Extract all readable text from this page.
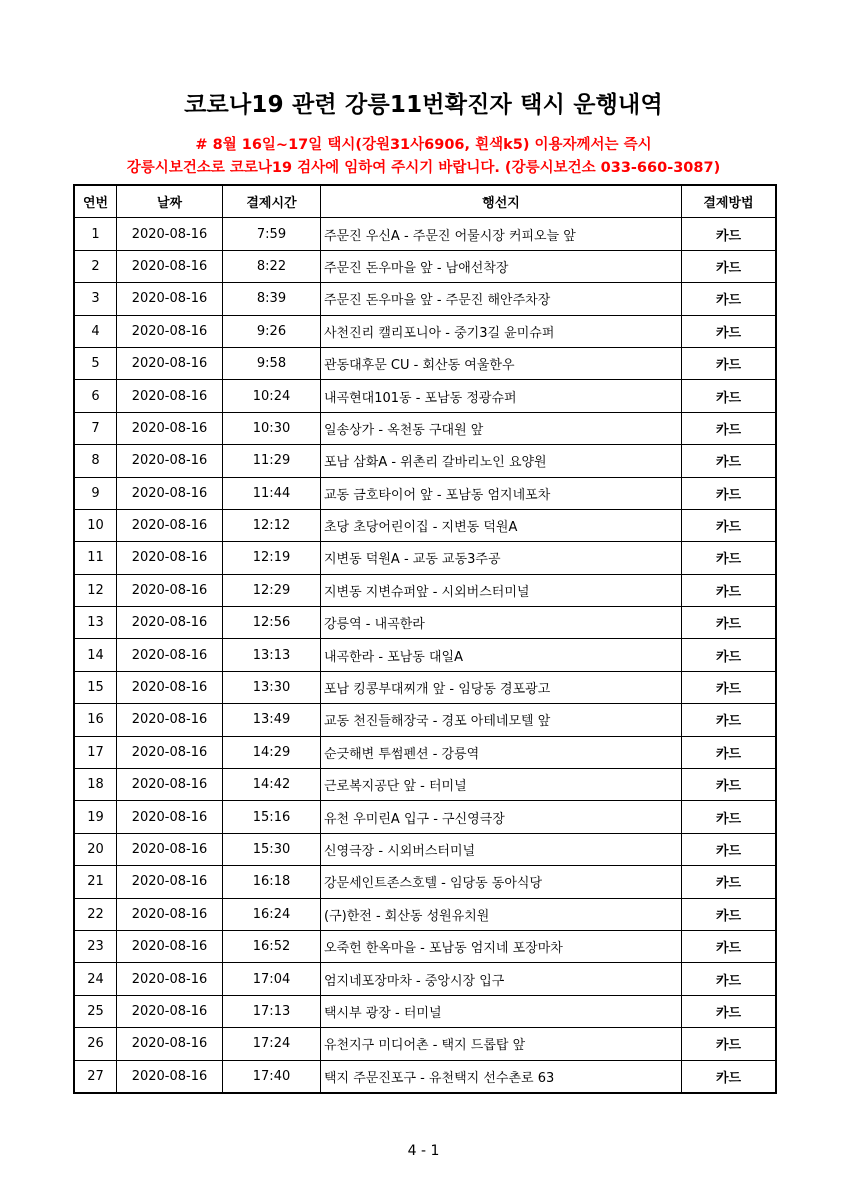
코로나19 관련 강릉11번확진자 택시 운행내역
# 8월 16일~17일 택시(강원31사6906, 흰색k5) 이용자께서는 즉시
강릉시보건소로 코로나19 검사에 임하여 주시기 바랍니다. (강릉시보건소 033-660-3087)
연번	날짜	결제시간	행선지	결제방법
1	2020-08-16	7:59	주문진 우신A - 주문진 어물시장 커피오늘 앞	카드
2	2020-08-16	8:22	주문진 돈우마을 앞 - 남애선착장	카드
3	2020-08-16	8:39	주문진 돈우마을 앞 - 주문진 해안주차장	카드
4	2020-08-16	9:26	사천진리 캘리포니아 - 중기3길 윤미슈퍼	카드
5	2020-08-16	9:58	관동대후문 CU - 회산동 여울한우	카드
6	2020-08-16	10:24	내곡현대101동 - 포남동 정광슈퍼	카드
7	2020-08-16	10:30	일송상가 - 옥천동 구대원 앞	카드
8	2020-08-16	11:29	포남 삼화A - 위촌리 갈바리노인 요양원	카드
9	2020-08-16	11:44	교동 금호타이어 앞 - 포남동 엄지네포차	카드
10	2020-08-16	12:12	초당 초당어린이집 - 지변동 덕원A	카드
11	2020-08-16	12:19	지변동 덕원A - 교동 교동3주공	카드
12	2020-08-16	12:29	지변동 지변슈퍼앞 - 시외버스터미널	카드
13	2020-08-16	12:56	강릉역 - 내곡한라	카드
14	2020-08-16	13:13	내곡한라 - 포남동 대일A	카드
15	2020-08-16	13:30	포남 킹콩부대찌개 앞 - 임당동 경포광고	카드
16	2020-08-16	13:49	교동 천진들해장국 - 경포 아테네모텔 앞	카드
17	2020-08-16	14:29	순긋해변 투썸펜션 - 강릉역	카드
18	2020-08-16	14:42	근로복지공단 앞 - 터미널	카드
19	2020-08-16	15:16	유천 우미린A 입구 - 구신영극장	카드
20	2020-08-16	15:30	신영극장 - 시외버스터미널	카드
21	2020-08-16	16:18	강문세인트존스호텔 - 임당동 동아식당	카드
22	2020-08-16	16:24	(구)한전 - 회산동 성원유치원	카드
23	2020-08-16	16:52	오죽헌 한옥마을 - 포남동 엄지네 포장마차	카드
24	2020-08-16	17:04	엄지네포장마차 - 중앙시장 입구	카드
25	2020-08-16	17:13	택시부 광장 - 터미널	카드
26	2020-08-16	17:24	유천지구 미디어촌 - 택지 드롭탑 앞	카드
27	2020-08-16	17:40	택지 주문진포구 - 유천택지 선수촌로 63	카드
4 - 1
